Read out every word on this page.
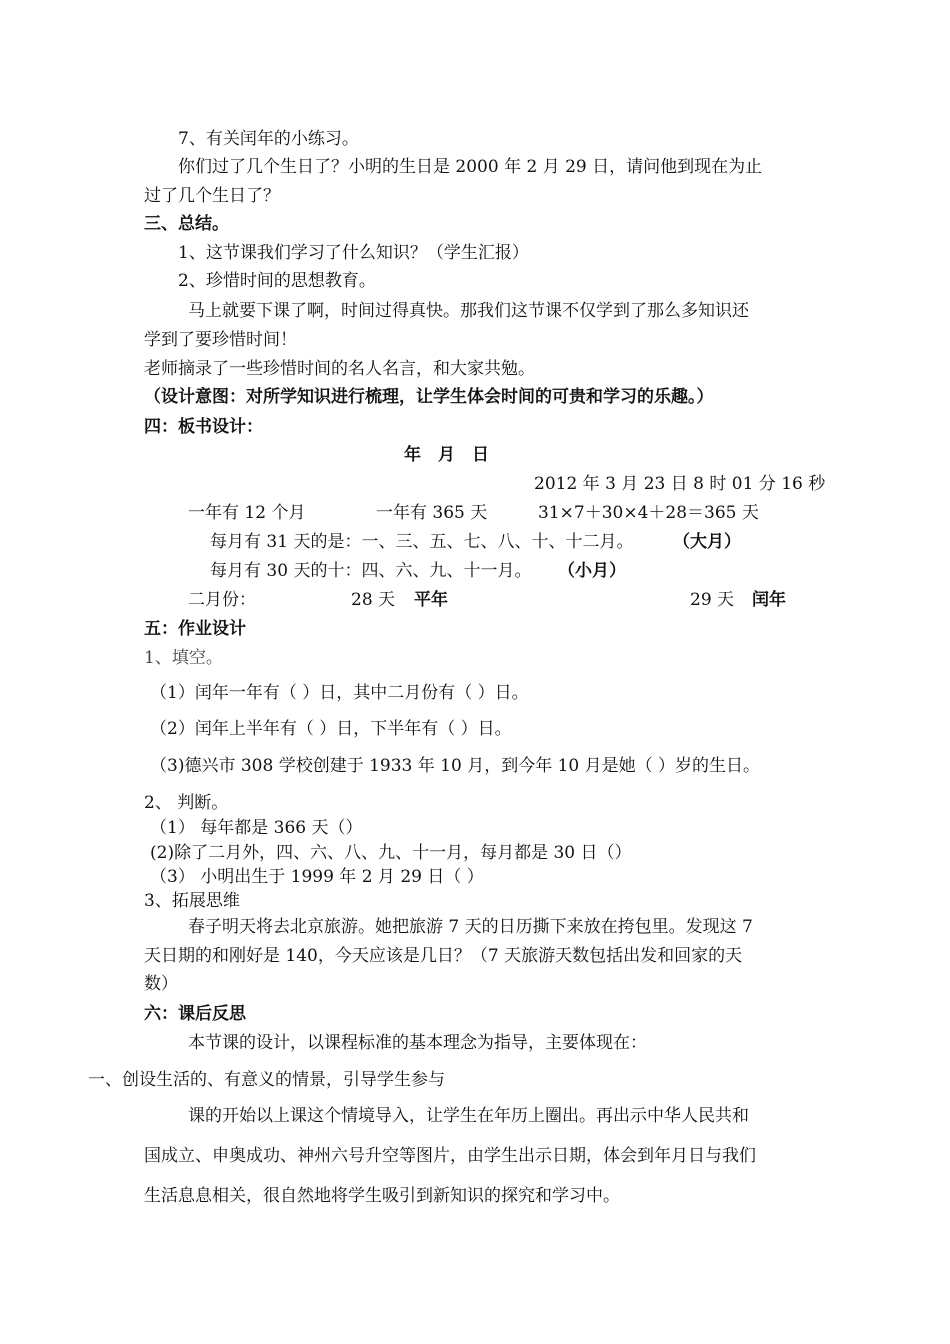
7、有关闰年的小练习。
你们过了几个生日了？小明的生日是 2000 年 2 月 29 日，请问他到现在为止
过了几个生日了？
三、总结。
1、这节课我们学习了什么知识？（学生汇报）
2、珍惜时间的思想教育。
马上就要下课了啊，时间过得真快。那我们这节课不仅学到了那么多知识还
学到了要珍惜时间！
老师摘录了一些珍惜时间的名人名言，和大家共勉。
（设计意图：对所学知识进行梳理，让学生体会时间的可贵和学习的乐趣。）
四：板书设计：
年　月　日
2012 年 3 月 23 日 8 时 01 分 16 秒
一年有 12 个月	一年有 365 天	31×7＋30×4＋28＝365 天
每月有 31 天的是：一、三、五、七、八、十、十二月。 （大月）
每月有 30 天的十：四、六、九、十一月。 （小月）
二月份：	28 天 平年	29 天 闰年
五：作业设计
1、填空。
（1）闰年一年有（ ）日，其中二月份有（ ）日。
（2）闰年上半年有（ ）日，下半年有（ ）日。
（3)德兴市 308 学校创建于 1933 年 10 月，到今年 10 月是她（ ）岁的生日。
2、 判断。
（1） 每年都是 366 天（）
(2)除了二月外，四、六、八、九、十一月，每月都是 30 日（）
（3） 小明出生于 1999 年 2 月 29 日（ ）
3、拓展思维
春子明天将去北京旅游。她把旅游 7 天的日历撕下来放在挎包里。发现这 7
天日期的和刚好是 140，今天应该是几日？（7 天旅游天数包括出发和回家的天
数）
六：课后反思
本节课的设计，以课程标准的基本理念为指导，主要体现在：
一、创设生活的、有意义的情景，引导学生参与
课的开始以上课这个情境导入，让学生在年历上圈出。再出示中华人民共和
国成立、申奥成功、神州六号升空等图片，由学生出示日期，体会到年月日与我们
生活息息相关，很自然地将学生吸引到新知识的探究和学习中。
